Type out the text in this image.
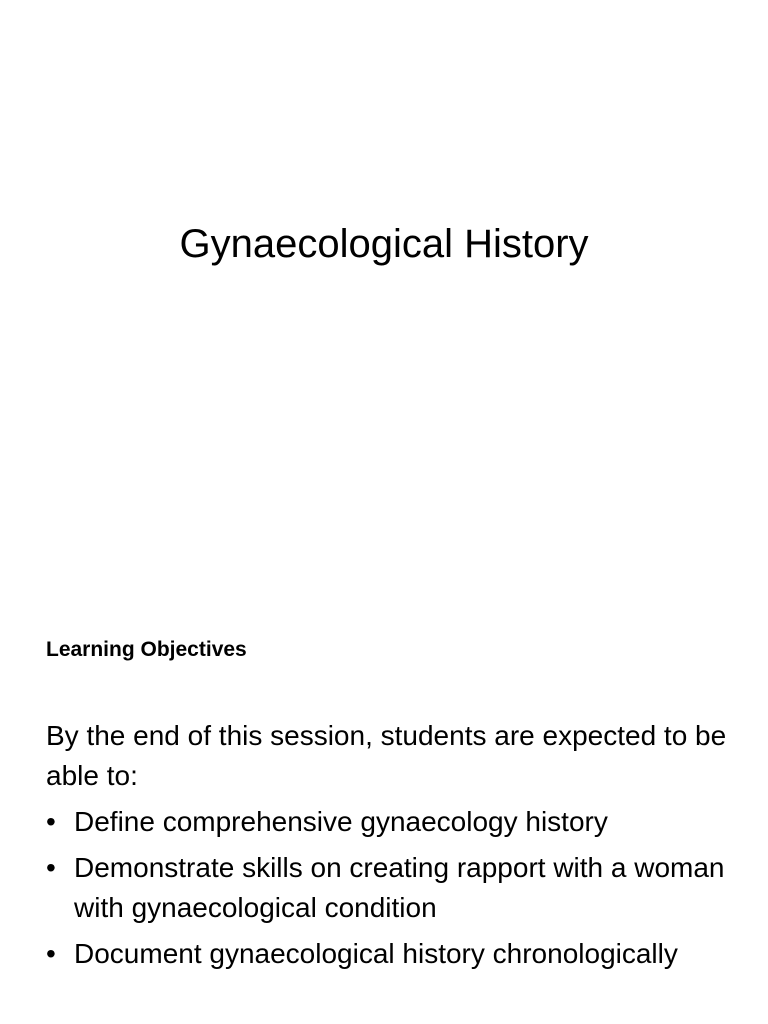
Gynaecological History
Learning Objectives

By the end of this session, students are expected to be able to:

• Define comprehensive gynaecology history
• Demonstrate skills on creating rapport with a woman with gynaecological condition
• Document gynaecological history chronologically
